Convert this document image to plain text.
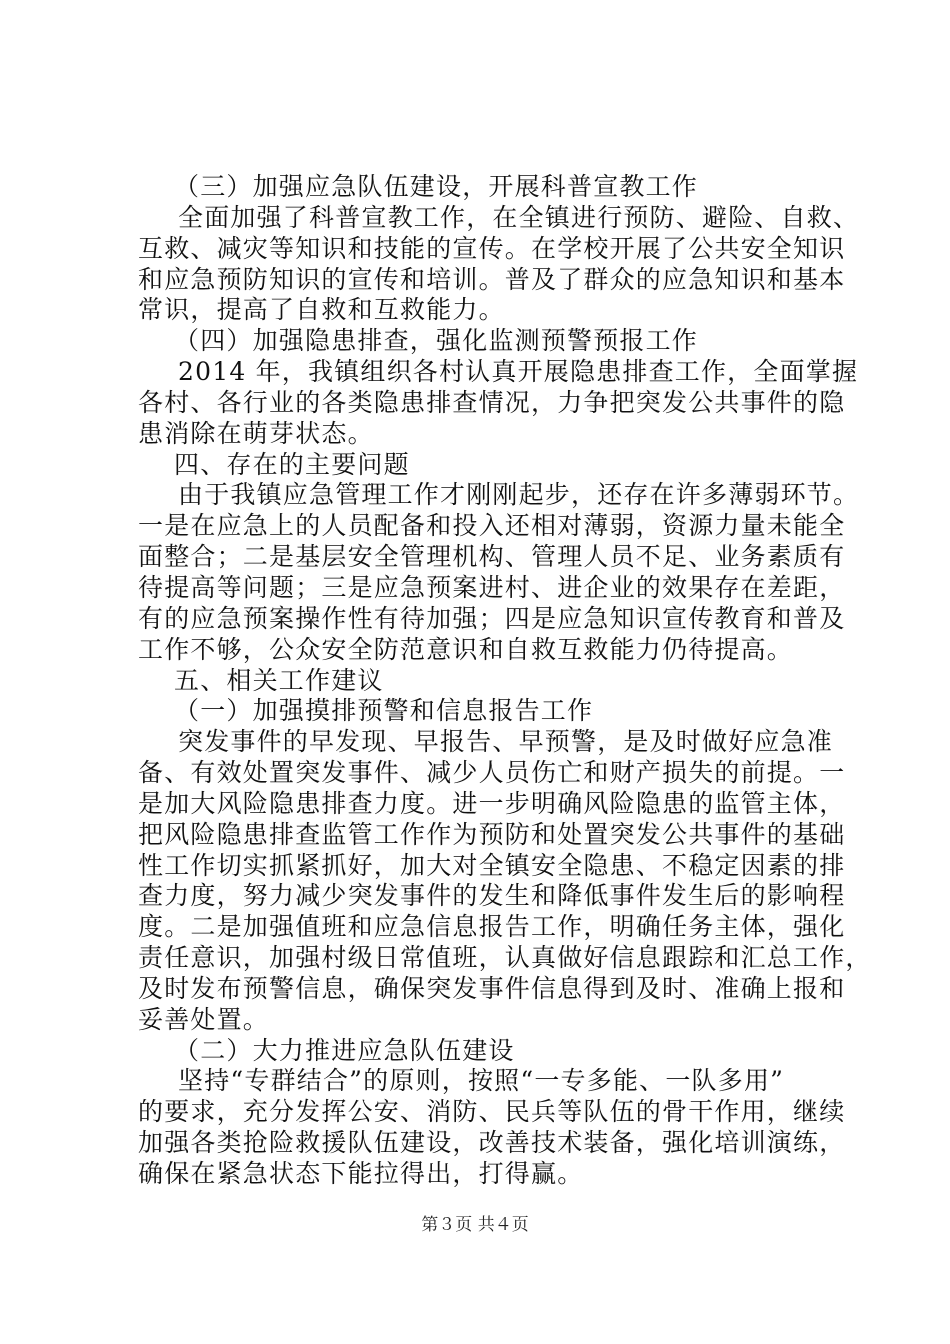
（三）加强应急队伍建设，开展科普宣教工作
全面加强了科普宣教工作，在全镇进行预防、避险、自救、
互救、减灾等知识和技能的宣传。在学校开展了公共安全知识
和应急预防知识的宣传和培训。普及了群众的应急知识和基本
常识，提高了自救和互救能力。
（四）加强隐患排查，强化监测预警预报工作
2014 年，我镇组织各村认真开展隐患排查工作，全面掌握
各村、各行业的各类隐患排查情况，力争把突发公共事件的隐
患消除在萌芽状态。
四、存在的主要问题
由于我镇应急管理工作才刚刚起步，还存在许多薄弱环节。
一是在应急上的人员配备和投入还相对薄弱，资源力量未能全
面整合；二是基层安全管理机构、管理人员不足、业务素质有
待提高等问题；三是应急预案进村、进企业的效果存在差距，
有的应急预案操作性有待加强；四是应急知识宣传教育和普及
工作不够，公众安全防范意识和自救互救能力仍待提高。
五、相关工作建议
（一）加强摸排预警和信息报告工作
突发事件的早发现、早报告、早预警，是及时做好应急准
备、有效处置突发事件、减少人员伤亡和财产损失的前提。一
是加大风险隐患排查力度。进一步明确风险隐患的监管主体，
把风险隐患排查监管工作作为预防和处置突发公共事件的基础
性工作切实抓紧抓好，加大对全镇安全隐患、不稳定因素的排
查力度，努力减少突发事件的发生和降低事件发生后的影响程
度。二是加强值班和应急信息报告工作，明确任务主体，强化
责任意识，加强村级日常值班，认真做好信息跟踪和汇总工作，
及时发布预警信息，确保突发事件信息得到及时、准确上报和
妥善处置。
（二）大力推进应急队伍建设
坚持“专群结合”的原则，按照“一专多能、一队多用”
的要求，充分发挥公安、消防、民兵等队伍的骨干作用，继续
加强各类抢险救援队伍建设，改善技术装备，强化培训演练，
确保在紧急状态下能拉得出，打得赢。
第３页 共４页
